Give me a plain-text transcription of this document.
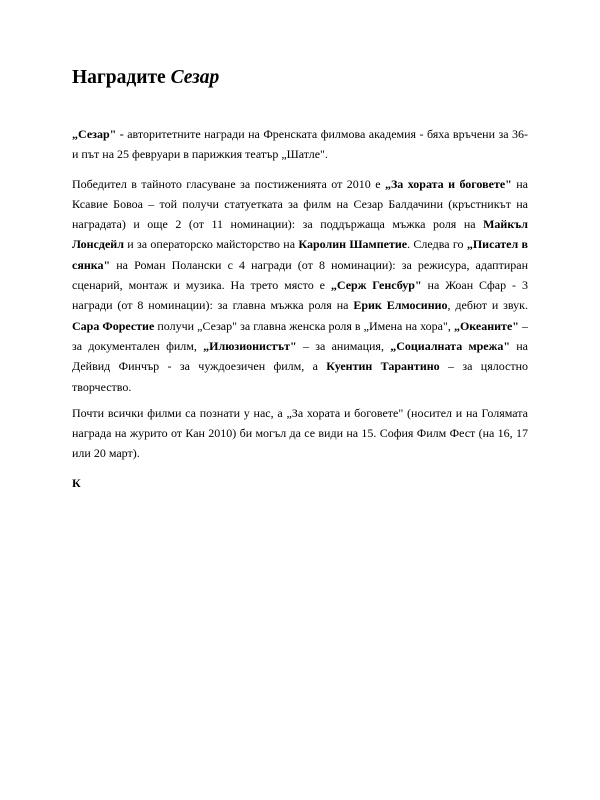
Наградите Сезар

„Сезар" - авторитетните награди на Френската филмова академия - бяха връчени за 36-и път на 25 февруари в парижкия театър „Шатле".

Победител в тайното гласуване за постиженията от 2010 е „За хората и боговете" на Ксавие Бовоа – той получи статуетката за филм на Сезар Балдачини (кръстникът на наградата) и още 2 (от 11 номинации): за поддържаща мъжка роля на Майкъл Лонсдейл и за операторско майсторство на Каролин Шампетие. Следва го „Писател в сянка" на Роман Полански с 4 награди (от 8 номинации): за режисура, адаптиран сценарий, монтаж и музика. На трето място е „Серж Генсбур" на Жоан Сфар - 3 награди (от 8 номинации): за главна мъжка роля на Ерик Елмосинио, дебют и звук. Сара Форестие получи „Сезар" за главна женска роля в „Имена на хора", „Океаните" – за документален филм, „Илюзионистът" – за анимация, „Социалната мрежа" на Дейвид Финчър - за чуждоезичен филм, а Куентин Тарантино – за цялостно творчество.

Почти всички филми са познати у нас, а „За хората и боговете" (носител и на Голямата награда на журито от Кан 2010) би могъл да се види на 15. София Филм Фест (на 16, 17 или 20 март).

К
